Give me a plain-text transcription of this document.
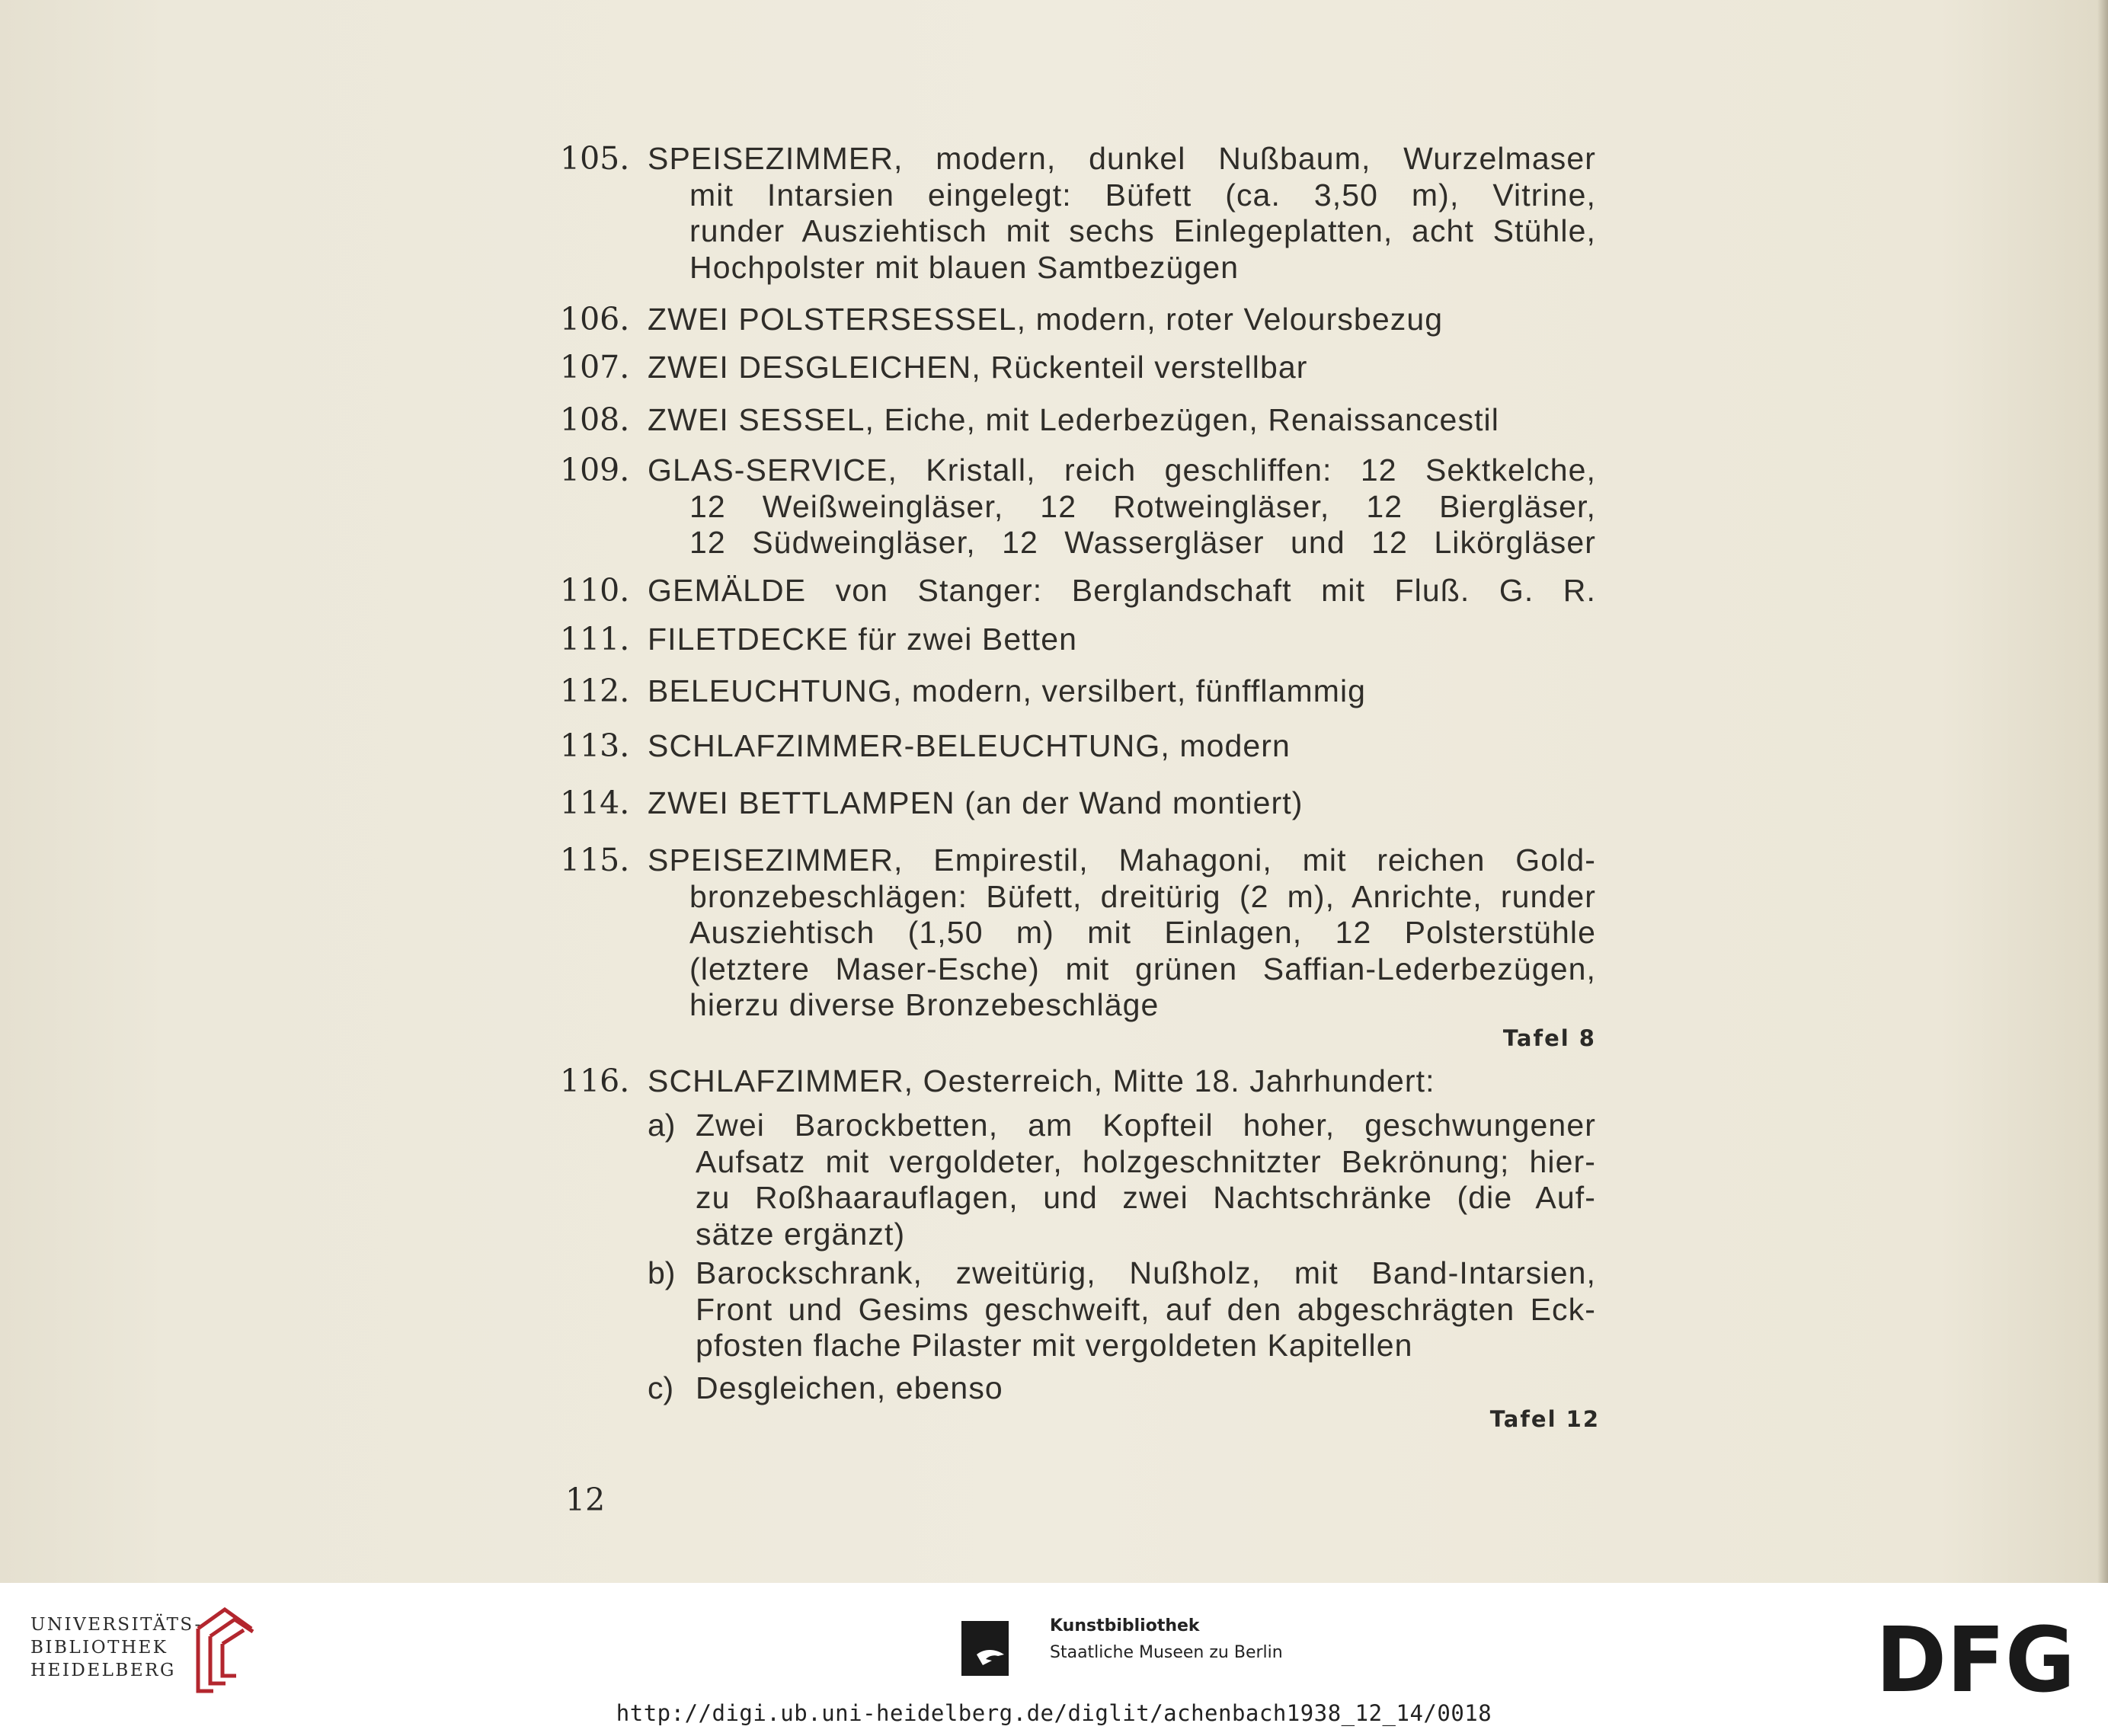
105. SPEISEZIMMER, modern, dunkel Nußbaum, Wurzelmaser
mit Intarsien eingelegt: Büfett (ca. 3,50 m), Vitrine,
runder Ausziehtisch mit sechs Einlegeplatten, acht Stühle,
Hochpolster mit blauen Samtbezügen
106. ZWEI POLSTERSESSEL, modern, roter Veloursbezug
107. ZWEI DESGLEICHEN, Rückenteil verstellbar
108. ZWEI SESSEL, Eiche, mit Lederbezügen, Renaissancestil
109. GLAS-SERVICE, Kristall, reich geschliffen: 12 Sektkelche,
12 Weißweingläser, 12 Rotweingläser, 12 Biergläser,
12 Südweingläser, 12 Wassergläser und 12 Likörgläser
110. GEMÄLDE von Stanger: Berglandschaft mit Fluß. G. R.
111. FILETDECKE für zwei Betten
112. BELEUCHTUNG, modern, versilbert, fünfflammig
113. SCHLAFZIMMER-BELEUCHTUNG, modern
114. ZWEI BETTLAMPEN (an der Wand montiert)
115. SPEISEZIMMER, Empirestil, Mahagoni, mit reichen Gold-
bronzebeschlägen: Büfett, dreitürig (2 m), Anrichte, runder
Ausziehtisch (1,50 m) mit Einlagen, 12 Polsterstühle
(letztere Maser-Esche) mit grünen Saffian-Lederbezügen,
hierzu diverse Bronzebeschläge
Tafel 8
116. SCHLAFZIMMER, Oesterreich, Mitte 18. Jahrhundert:
a) Zwei Barockbetten, am Kopfteil hoher, geschwungener
Aufsatz mit vergoldeter, holzgeschnitzter Bekrönung; hier-
zu Roßhaarauflagen, und zwei Nachtschränke (die Auf-
sätze ergänzt)
b) Barockschrank, zweitürig, Nußholz, mit Band-Intarsien,
Front und Gesims geschweift, auf den abgeschrägten Eck-
pfosten flache Pilaster mit vergoldeten Kapitellen
c) Desgleichen, ebenso
Tafel 12
12
UNIVERSITÄTS-
BIBLIOTHEK
HEIDELBERG
Kunstbibliothek
Staatliche Museen zu Berlin	DFG
http://digi.ub.uni-heidelberg.de/diglit/achenbach1938_12_14/0018
